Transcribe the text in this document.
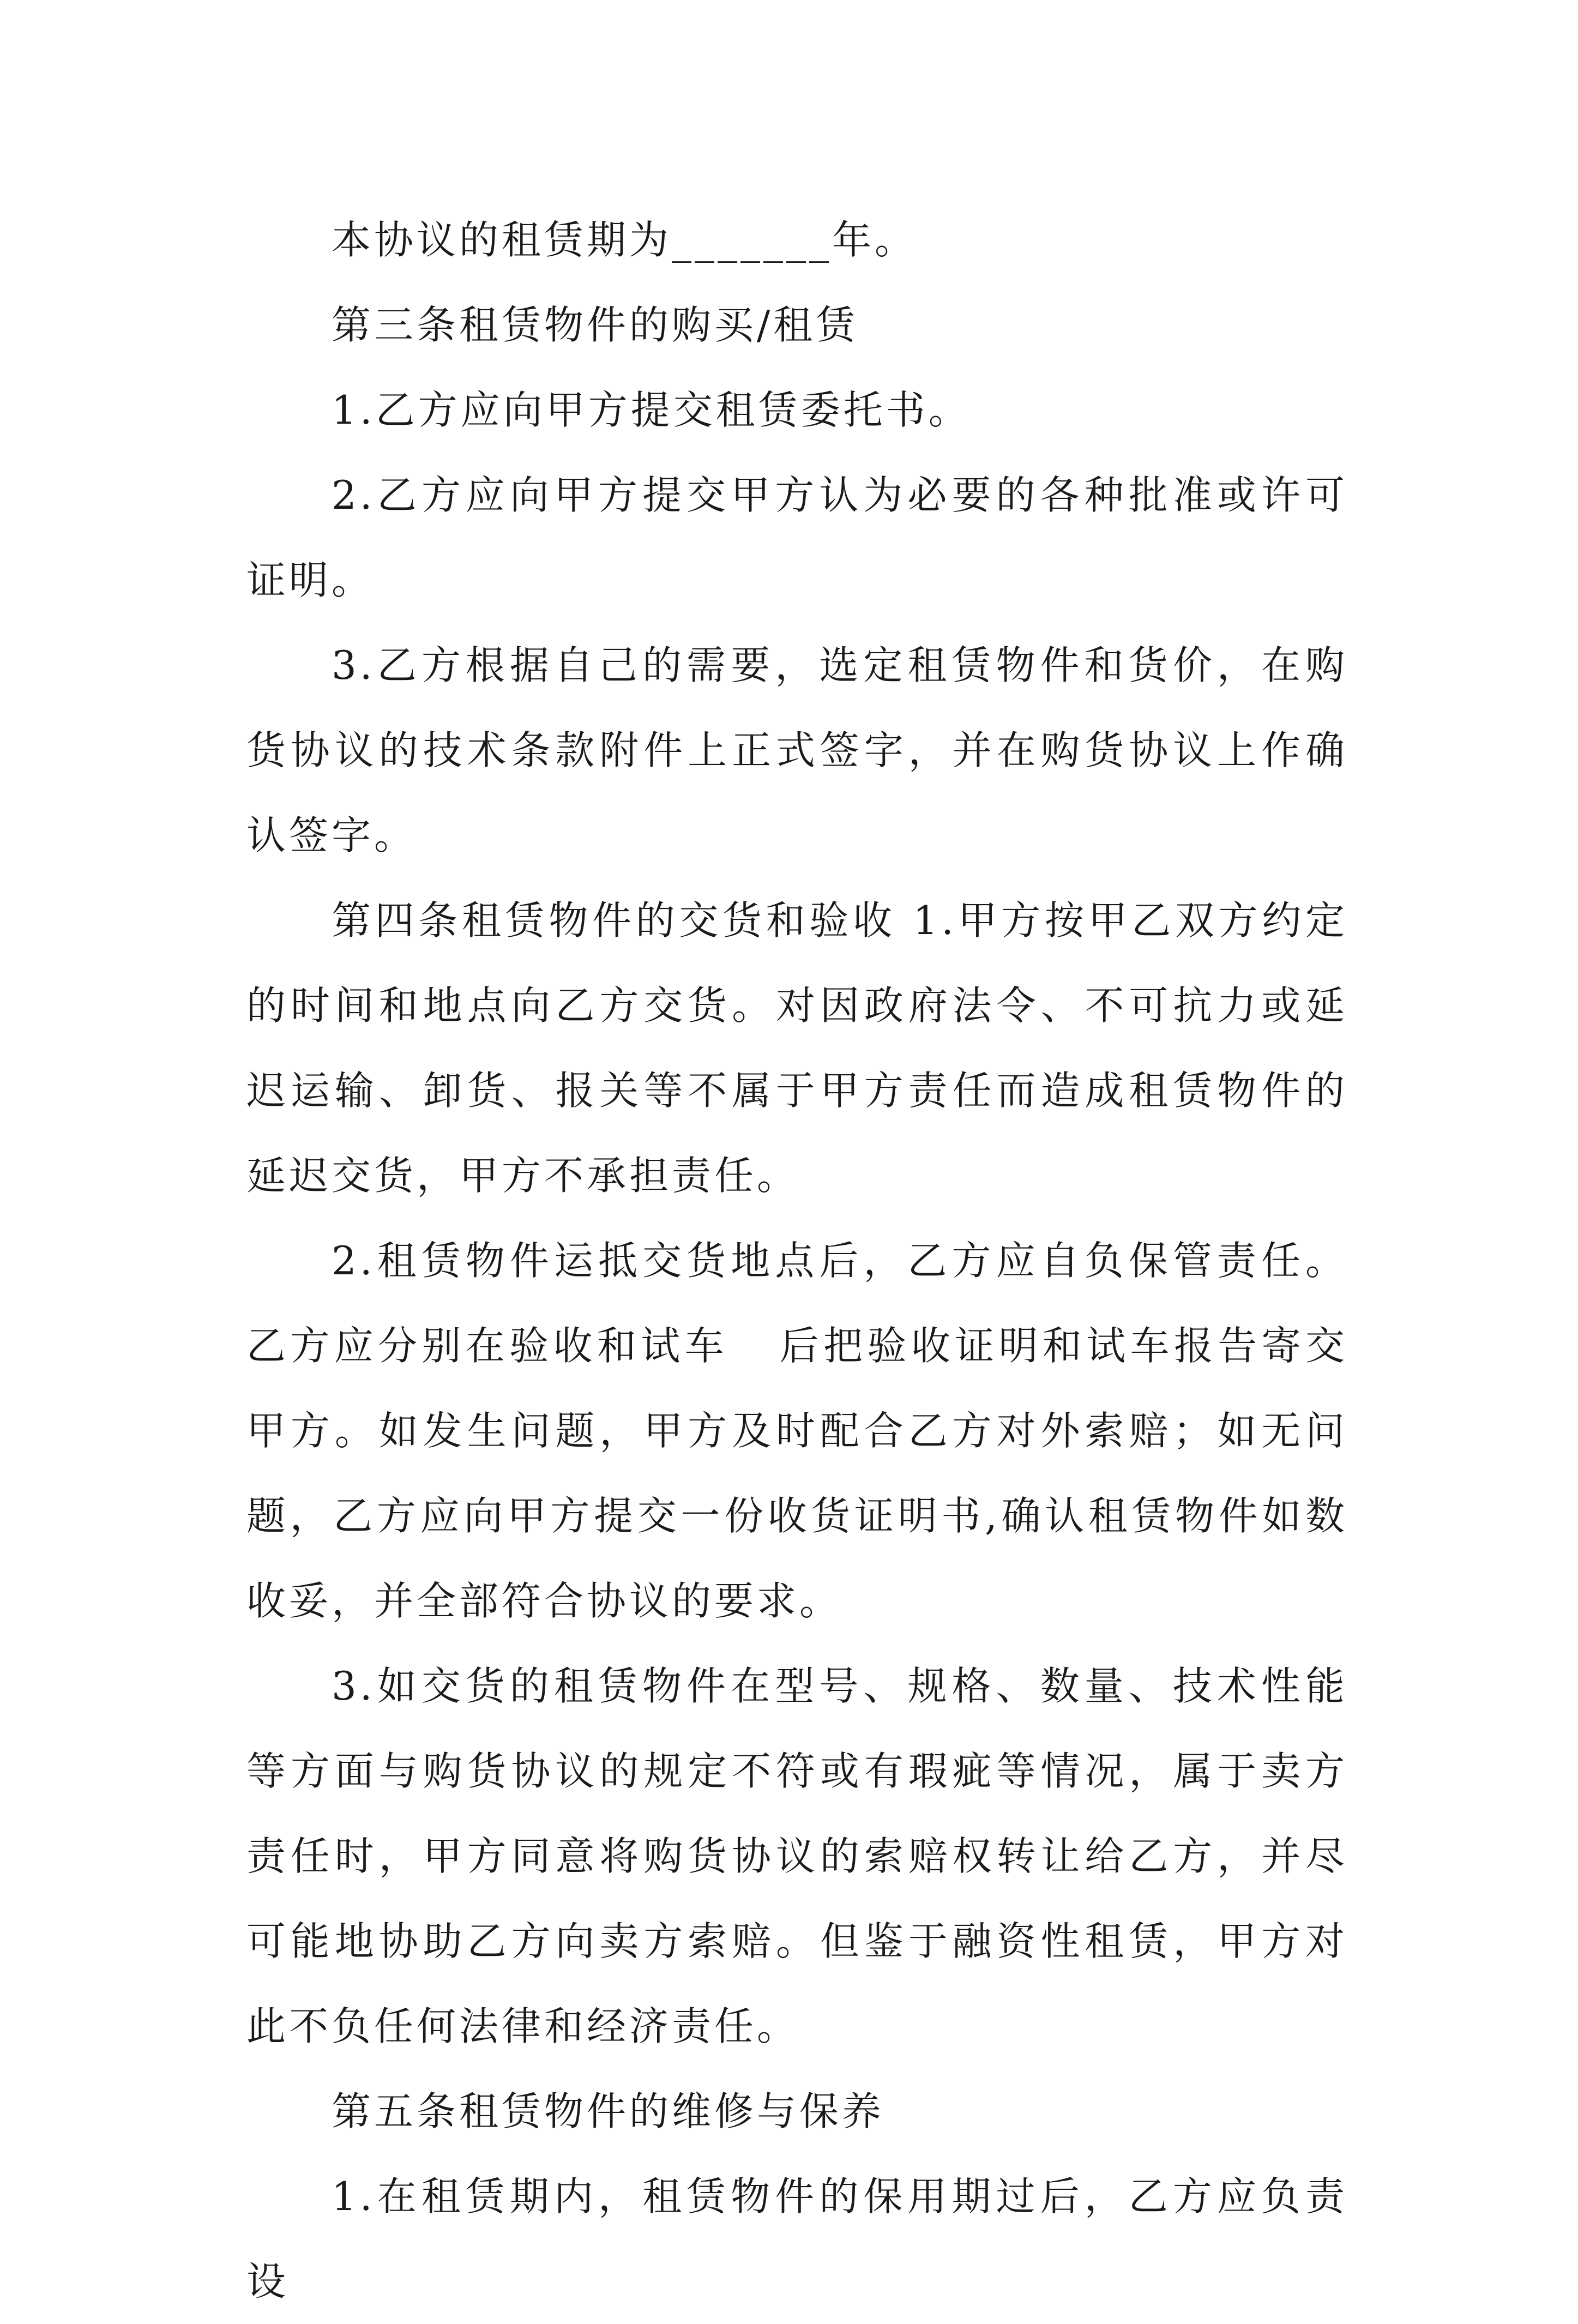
本协议的租赁期为_______年。

第三条租赁物件的购买/租赁

1.乙方应向甲方提交租赁委托书。

2.乙方应向甲方提交甲方认为必要的各种批准或许可证明。

3.乙方根据自己的需要，选定租赁物件和货价，在购货协议的技术条款附件上正式签字，并在购货协议上作确认签字。

第四条租赁物件的交货和验收 1.甲方按甲乙双方约定的时间和地点向乙方交货。对因政府法令、不可抗力或延迟运输、卸货、报关等不属于甲方责任而造成租赁物件的延迟交货，甲方不承担责任。

2.租赁物件运抵交货地点后，乙方应自负保管责任。乙方应分别在验收和试车   后把验收证明和试车报告寄交甲方。如发生问题，甲方及时配合乙方对外索赔；如无问题，乙方应向甲方提交一份收货证明书,确认租赁物件如数收妥，并全部符合协议的要求。

3.如交货的租赁物件在型号、规格、数量、技术性能等方面与购货协议的规定不符或有瑕疵等情况，属于卖方责任时，甲方同意将购货协议的索赔权转让给乙方，并尽可能地协助乙方向卖方索赔。但鉴于融资性租赁，甲方对此不负任何法律和经济责任。

第五条租赁物件的维修与保养

1.在租赁期内，租赁物件的保用期过后，乙方应负责设
